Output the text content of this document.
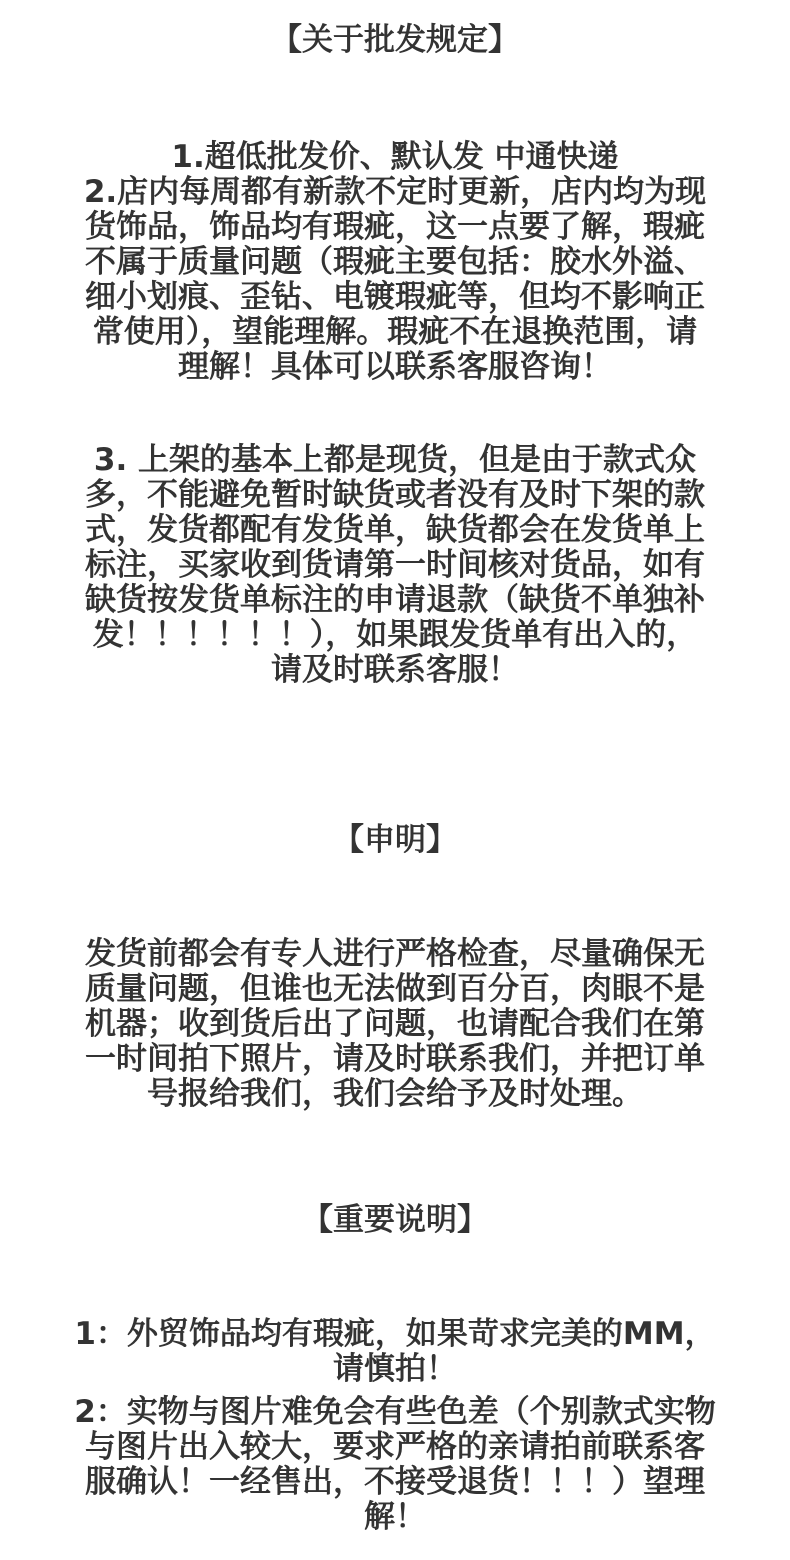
【关于批发规定】
1.超低批发价、默认发 中通快递
2.店内每周都有新款不定时更新，店内均为现
货饰品，饰品均有瑕疵，这一点要了解，瑕疵
不属于质量问题（瑕疵主要包括：胶水外溢、
细小划痕、歪钻、电镀瑕疵等，但均不影响正
常使用），望能理解。瑕疵不在退换范围，请
理解！具体可以联系客服咨询！
3. 上架的基本上都是现货，但是由于款式众
多，不能避免暂时缺货或者没有及时下架的款
式，发货都配有发货单，缺货都会在发货单上
标注，买家收到货请第一时间核对货品，如有
缺货按发货单标注的申请退款（缺货不单独补
发！！！！！！），如果跟发货单有出入的，
请及时联系客服！
【申明】
发货前都会有专人进行严格检查，尽量确保无
质量问题，但谁也无法做到百分百，肉眼不是
机器；收到货后出了问题，也请配合我们在第
一时间拍下照片，请及时联系我们，并把订单
号报给我们，我们会给予及时处理。
【重要说明】
1：外贸饰品均有瑕疵，如果苛求完美的MM，
请慎拍！
2：实物与图片难免会有些色差（个别款式实物
与图片出入较大，要求严格的亲请拍前联系客
服确认！一经售出，不接受退货！！！）望理
解！
